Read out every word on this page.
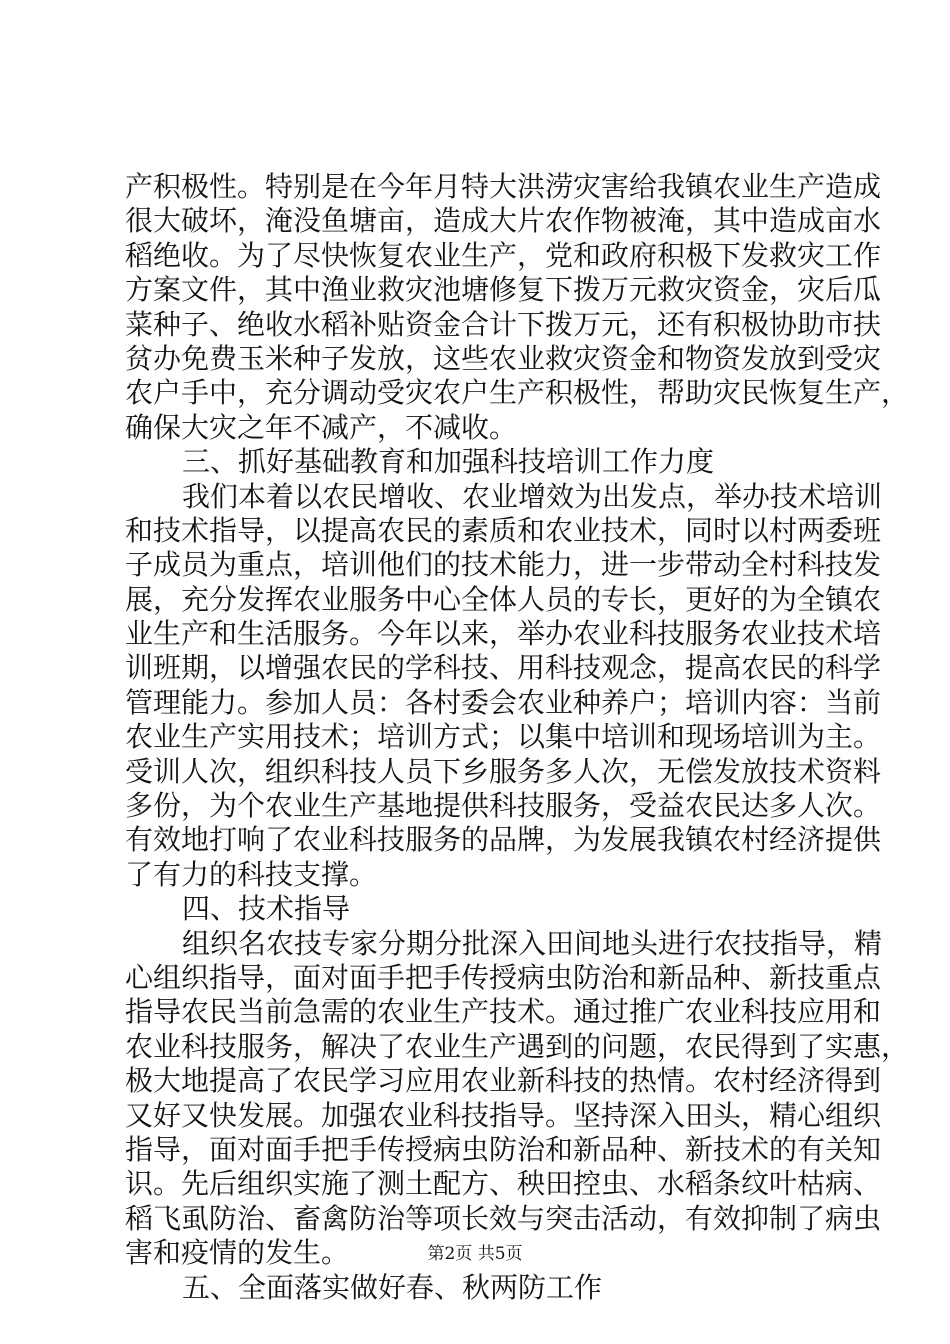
产积极性。特别是在今年月特大洪涝灾害给我镇农业生产造成
很大破坏，淹没鱼塘亩，造成大片农作物被淹，其中造成亩水
稻绝收。为了尽快恢复农业生产，党和政府积极下发救灾工作
方案文件，其中渔业救灾池塘修复下拨万元救灾资金，灾后瓜
菜种子、绝收水稻补贴资金合计下拨万元，还有积极协助市扶
贫办免费玉米种子发放，这些农业救灾资金和物资发放到受灾
农户手中，充分调动受灾农户生产积极性，帮助灾民恢复生产，
确保大灾之年不减产，不减收。
三、抓好基础教育和加强科技培训工作力度
我们本着以农民增收、农业增效为出发点，举办技术培训
和技术指导，以提高农民的素质和农业技术，同时以村两委班
子成员为重点，培训他们的技术能力，进一步带动全村科技发
展，充分发挥农业服务中心全体人员的专长，更好的为全镇农
业生产和生活服务。今年以来，举办农业科技服务农业技术培
训班期，以增强农民的学科技、用科技观念，提高农民的科学
管理能力。参加人员：各村委会农业种养户；培训内容：当前
农业生产实用技术；培训方式；以集中培训和现场培训为主。
受训人次，组织科技人员下乡服务多人次，无偿发放技术资料
多份，为个农业生产基地提供科技服务，受益农民达多人次。
有效地打响了农业科技服务的品牌，为发展我镇农村经济提供
了有力的科技支撑。
四、技术指导
组织名农技专家分期分批深入田间地头进行农技指导，精
心组织指导，面对面手把手传授病虫防治和新品种、新技重点
指导农民当前急需的农业生产技术。通过推广农业科技应用和
农业科技服务，解决了农业生产遇到的问题，农民得到了实惠，
极大地提高了农民学习应用农业新科技的热情。农村经济得到
又好又快发展。加强农业科技指导。坚持深入田头，精心组织
指导，面对面手把手传授病虫防治和新品种、新技术的有关知
识。先后组织实施了测土配方、秧田控虫、水稻条纹叶枯病、
稻飞虱防治、畜禽防治等项长效与突击活动，有效抑制了病虫
害和疫情的发生。
五、全面落实做好春、秋两防工作
第2页 共5页
